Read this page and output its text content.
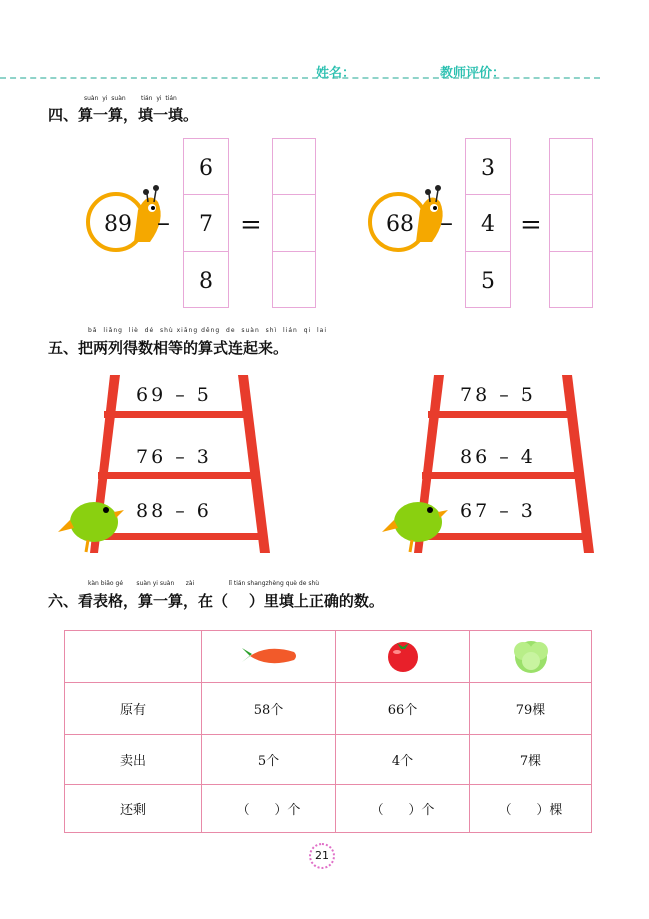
姓名：	教师评价：
suàn yi suàn	tián yi tián
四、算一算，填一填。
89 –
6
7
8
=	68	–
3
4
5
=
bǎ liǎng liè dé shù xiāng děng de suàn shì lián qi lai
五、把两列得数相等的算式连起来。
69 – 5
76 – 3
88 – 6
78 – 5
86 – 4
67 – 3
kàn biǎo gé suàn yi suàn zài	lǐ tián shangzhèng què de shù
六、看表格，算一算，在（    ）里填上正确的数。

原有	58个	66个	79棵
卖出	5个	4个	7棵
还剩	（      ）个	（      ）个	（      ）棵
21
